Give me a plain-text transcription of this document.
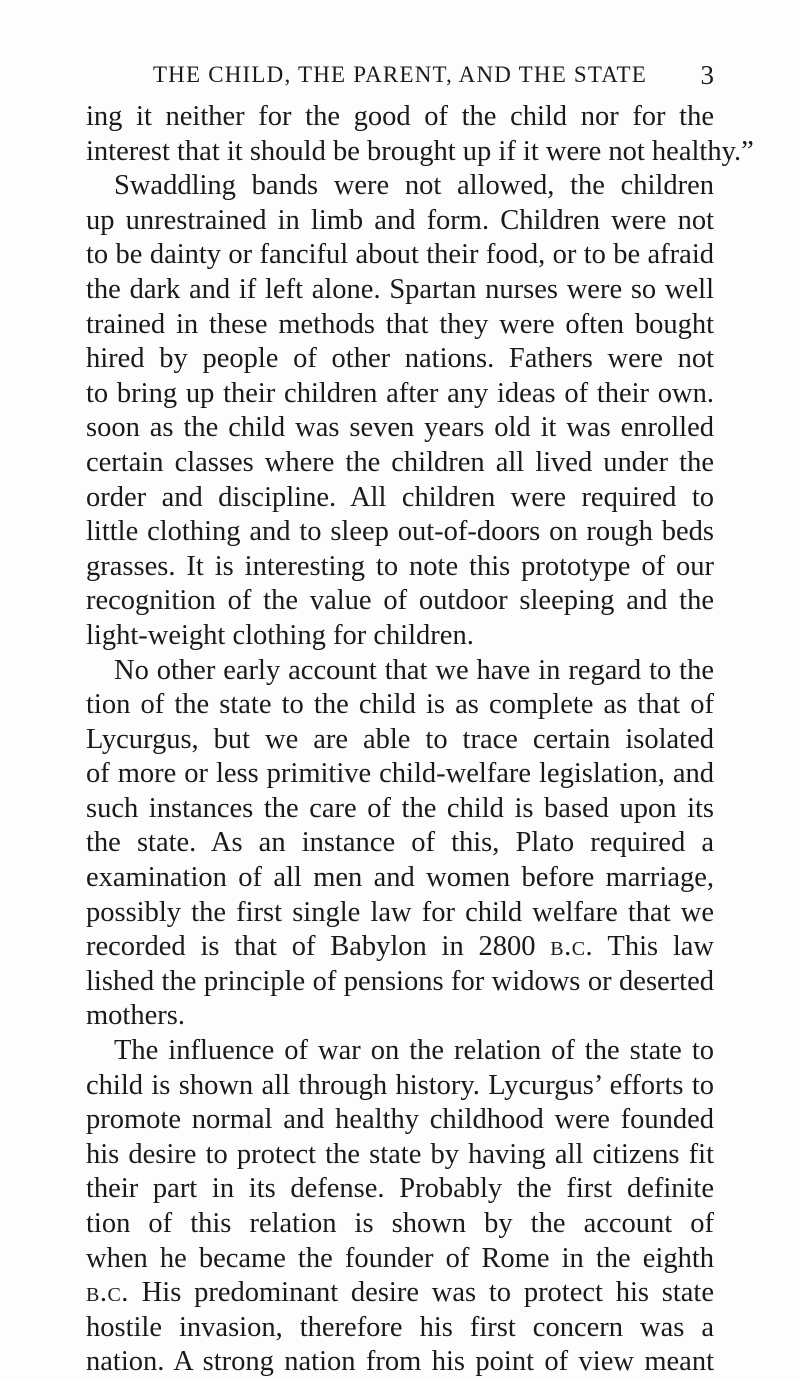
THE CHILD, THE PARENT, AND THE STATE	3
ing it neither for the good of the child nor for the
interest that it should be brought up if it were not healthy.”
Swaddling bands were not allowed, the children
up unrestrained in limb and form. Children were not
to be dainty or fanciful about their food, or to be afraid
the dark and if left alone. Spartan nurses were so well
trained in these methods that they were often bought
hired by people of other nations. Fathers were not
to bring up their children after any ideas of their own.
soon as the child was seven years old it was enrolled
certain classes where the children all lived under the
order and discipline. All children were required to
little clothing and to sleep out-of-doors on rough beds
grasses. It is interesting to note this prototype of our
recognition of the value of outdoor sleeping and the
light-weight clothing for children.
No other early account that we have in regard to the
tion of the state to the child is as complete as that of
Lycurgus, but we are able to trace certain isolated
of more or less primitive child-welfare legislation, and
such instances the care of the child is based upon its
the state. As an instance of this, Plato required a
examination of all men and women before marriage,
possibly the first single law for child welfare that we
recorded is that of Babylon in 2800 b.c. This law
lished the principle of pensions for widows or deserted
mothers.
The influence of war on the relation of the state to
child is shown all through history. Lycurgus’ efforts to
promote normal and healthy childhood were founded
his desire to protect the state by having all citizens fit
their part in its defense. Probably the first definite
tion of this relation is shown by the account of
when he became the founder of Rome in the eighth
b.c. His predominant desire was to protect his state
hostile invasion, therefore his first concern was a
nation. A strong nation from his point of view meant
